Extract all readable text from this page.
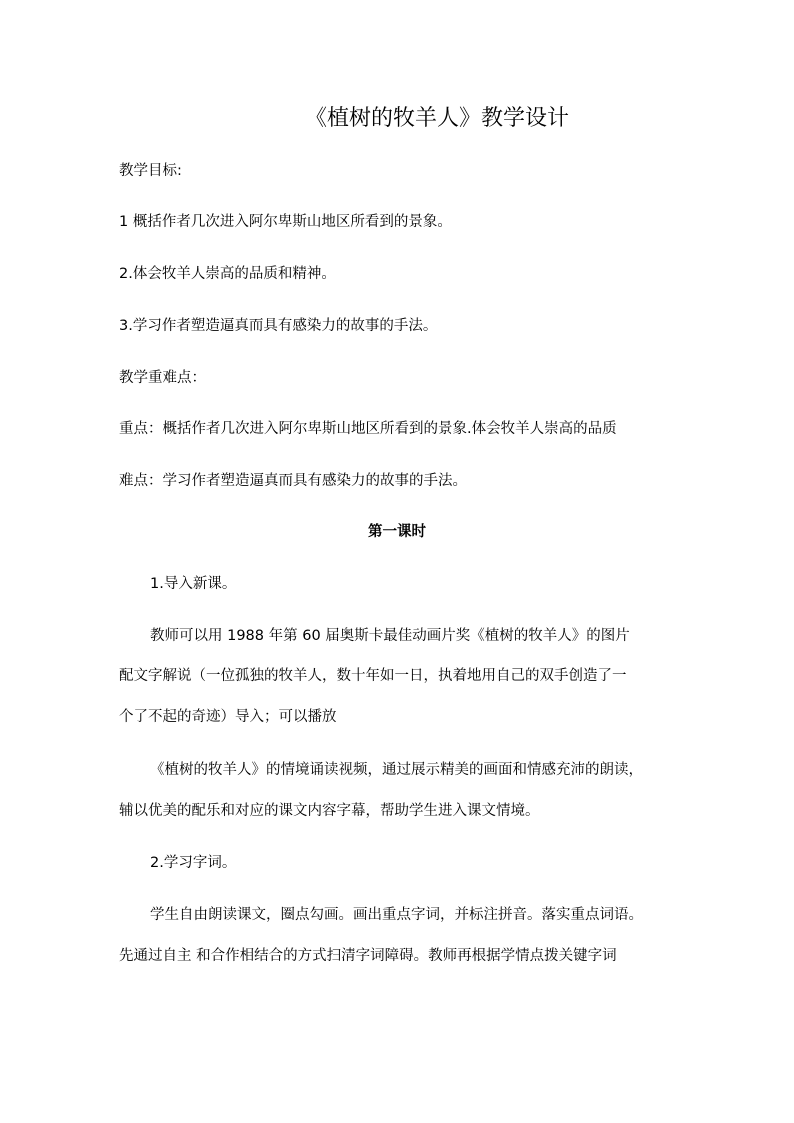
《植树的牧羊人》教学设计
教学目标:
1 概括作者几次进入阿尔卑斯山地区所看到的景象。
2.体会牧羊人崇高的品质和精神。
3.学习作者塑造逼真而具有感染力的故事的手法。
教学重难点：
重点：概括作者几次进入阿尔卑斯山地区所看到的景象.体会牧羊人崇高的品质
难点：学习作者塑造逼真而具有感染力的故事的手法。
第一课时
1.导入新课。
教师可以用 1988 年第 60 届奥斯卡最佳动画片奖《植树的牧羊人》的图片
配文字解说（一位孤独的牧羊人，数十年如一日，执着地用自己的双手创造了一
个了不起的奇迹）导入；可以播放
《植树的牧羊人》的情境诵读视频，通过展示精美的画面和情感充沛的朗读，
辅以优美的配乐和对应的课文内容字幕，帮助学生进入课文情境。
2.学习字词。
学生自由朗读课文，圈点勾画。画出重点字词，并标注拼音。落实重点词语。
先通过自主 和合作相结合的方式扫清字词障碍。教师再根据学情点拨关键字词
